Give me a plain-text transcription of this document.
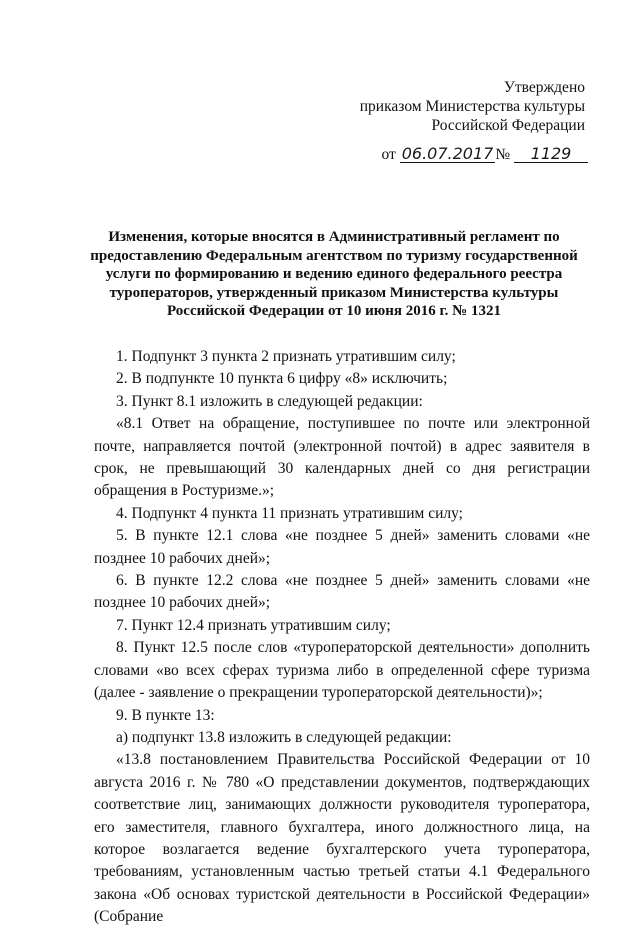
Утверждено
приказом Министерства культуры
Российской Федерации
от 06.07.2017 № 1129
Изменения, которые вносятся в Административный регламент по
предоставлению Федеральным агентством по туризму государственной
услуги по формированию и ведению единого федерального реестра
туроператоров, утвержденный приказом Министерства культуры
Российской Федерации от 10 июня 2016 г. № 1321

1. Подпункт 3 пункта 2 признать утратившим силу;

2. В подпункте 10 пункта 6 цифру «8» исключить;

3. Пункт 8.1 изложить в следующей редакции:

«8.1 Ответ на обращение, поступившее по почте или электронной почте, направляется почтой (электронной почтой) в адрес заявителя в срок, не превышающий 30 календарных дней со дня регистрации обращения в Ростуризме.»;

4. Подпункт 4 пункта 11 признать утратившим силу;

5. В пункте 12.1 слова «не позднее 5 дней» заменить словами «не позднее 10 рабочих дней»;

6. В пункте 12.2 слова «не позднее 5 дней» заменить словами «не позднее 10 рабочих дней»;

7. Пункт 12.4 признать утратившим силу;

8. Пункт 12.5 после слов «туроператорской деятельности» дополнить словами «во всех сферах туризма либо в определенной сфере туризма (далее - заявление о прекращении туроператорской деятельности)»;

9. В пункте 13:

а) подпункт 13.8 изложить в следующей редакции:

«13.8 постановлением Правительства Российской Федерации от 10 августа 2016 г. № 780 «О представлении документов, подтверждающих соответствие лиц, занимающих должности руководителя туроператора, его заместителя, главного бухгалтера, иного должностного лица, на которое возлагается ведение бухгалтерского учета туроператора, требованиям, установленным частью третьей статьи 4.1 Федерального закона «Об основах туристской деятельности в Российской Федерации» (Собрание
